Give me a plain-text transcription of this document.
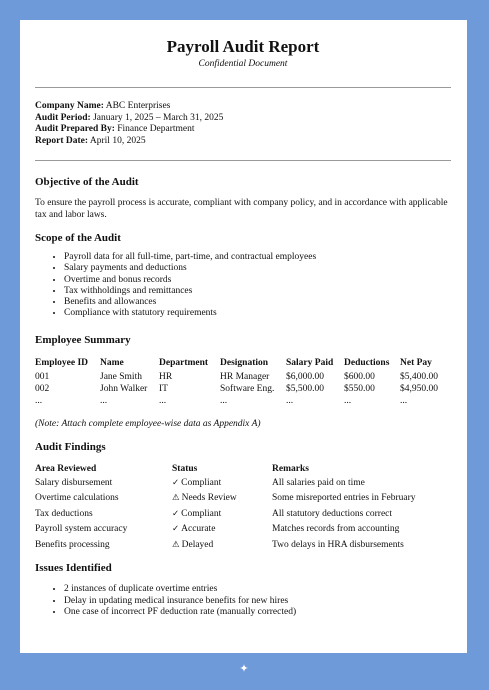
Payroll Audit Report
Confidential Document
Company Name: ABC Enterprises
Audit Period: January 1, 2025 – March 31, 2025
Audit Prepared By: Finance Department
Report Date: April 10, 2025
Objective of the Audit
To ensure the payroll process is accurate, compliant with company policy, and in accordance with applicable tax and labor laws.
Scope of the Audit
• Payroll data for all full-time, part-time, and contractual employees
• Salary payments and deductions
• Overtime and bonus records
• Tax withholdings and remittances
• Benefits and allowances
• Compliance with statutory requirements
Employee Summary
Employee ID	Name	Department	Designation	Salary Paid	Deductions	Net Pay
001	Jane Smith	HR	HR Manager	$6,000.00	$600.00	$5,400.00
002	John Walker	IT	Software Eng.	$5,500.00	$550.00	$4,950.00
...	...	...	...	...	...	...
(Note: Attach complete employee-wise data as Appendix A)
Audit Findings
Area Reviewed	Status	Remarks
Salary disbursement	✓ Compliant	All salaries paid on time
Overtime calculations	⚠ Needs Review	Some misreported entries in February
Tax deductions	✓ Compliant	All statutory deductions correct
Payroll system accuracy	✓ Accurate	Matches records from accounting
Benefits processing	⚠ Delayed	Two delays in HRA disbursements
Issues Identified
• 2 instances of duplicate overtime entries
• Delay in updating medical insurance benefits for new hires
• One case of incorrect PF deduction rate (manually corrected)
✦
